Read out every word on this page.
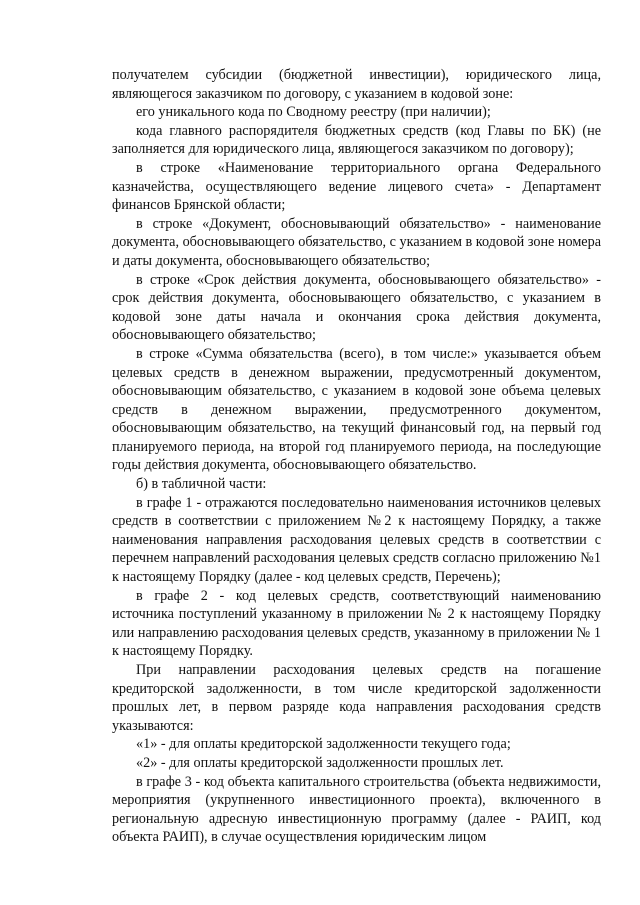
получателем субсидии (бюджетной инвестиции), юридического лица, являющегося заказчиком по договору, с указанием в кодовой зоне:

его уникального кода по Сводному реестру (при наличии);

кода главного распорядителя бюджетных средств (код Главы по БК) (не заполняется для юридического лица, являющегося заказчиком по договору);

в строке «Наименование территориального органа Федерального казначейства, осуществляющего ведение лицевого счета» - Департамент финансов Брянской области;

в строке «Документ, обосновывающий обязательство» - наименование документа, обосновывающего обязательство, с указанием в кодовой зоне номера и даты документа, обосновывающего обязательство;

в строке «Срок действия документа, обосновывающего обязательство» - срок действия документа, обосновывающего обязательство, с указанием в кодовой зоне даты начала и окончания срока действия документа, обосновывающего обязательство;

в строке «Сумма обязательства (всего), в том числе:» указывается объем целевых средств в денежном выражении, предусмотренный документом, обосновывающим обязательство, с указанием в кодовой зоне объема целевых средств в денежном выражении, предусмотренного документом, обосновывающим обязательство, на текущий финансовый год, на первый год планируемого периода, на второй год планируемого периода, на последующие годы действия документа, обосновывающего обязательство.

б) в табличной части:

в графе 1 - отражаются последовательно наименования источников целевых средств в соответствии с приложением №2 к настоящему Порядку, а также наименования направления расходования целевых средств в соответствии с перечнем направлений расходования целевых средств согласно приложению №1 к настоящему Порядку (далее - код целевых средств, Перечень);

в графе 2 - код целевых средств, соответствующий наименованию источника поступлений указанному в приложении № 2 к настоящему Порядку или направлению расходования целевых средств, указанному в приложении № 1 к настоящему Порядку.

При направлении расходования целевых средств на погашение кредиторской задолженности, в том числе кредиторской задолженности прошлых лет, в первом разряде кода направления расходования средств указываются:

«1» - для оплаты кредиторской задолженности текущего года;

«2» - для оплаты кредиторской задолженности прошлых лет.

в графе 3 - код объекта капитального строительства (объекта недвижимости, мероприятия (укрупненного инвестиционного проекта), включенного в региональную адресную инвестиционную программу (далее - РАИП, код объекта РАИП), в случае осуществления юридическим лицом
